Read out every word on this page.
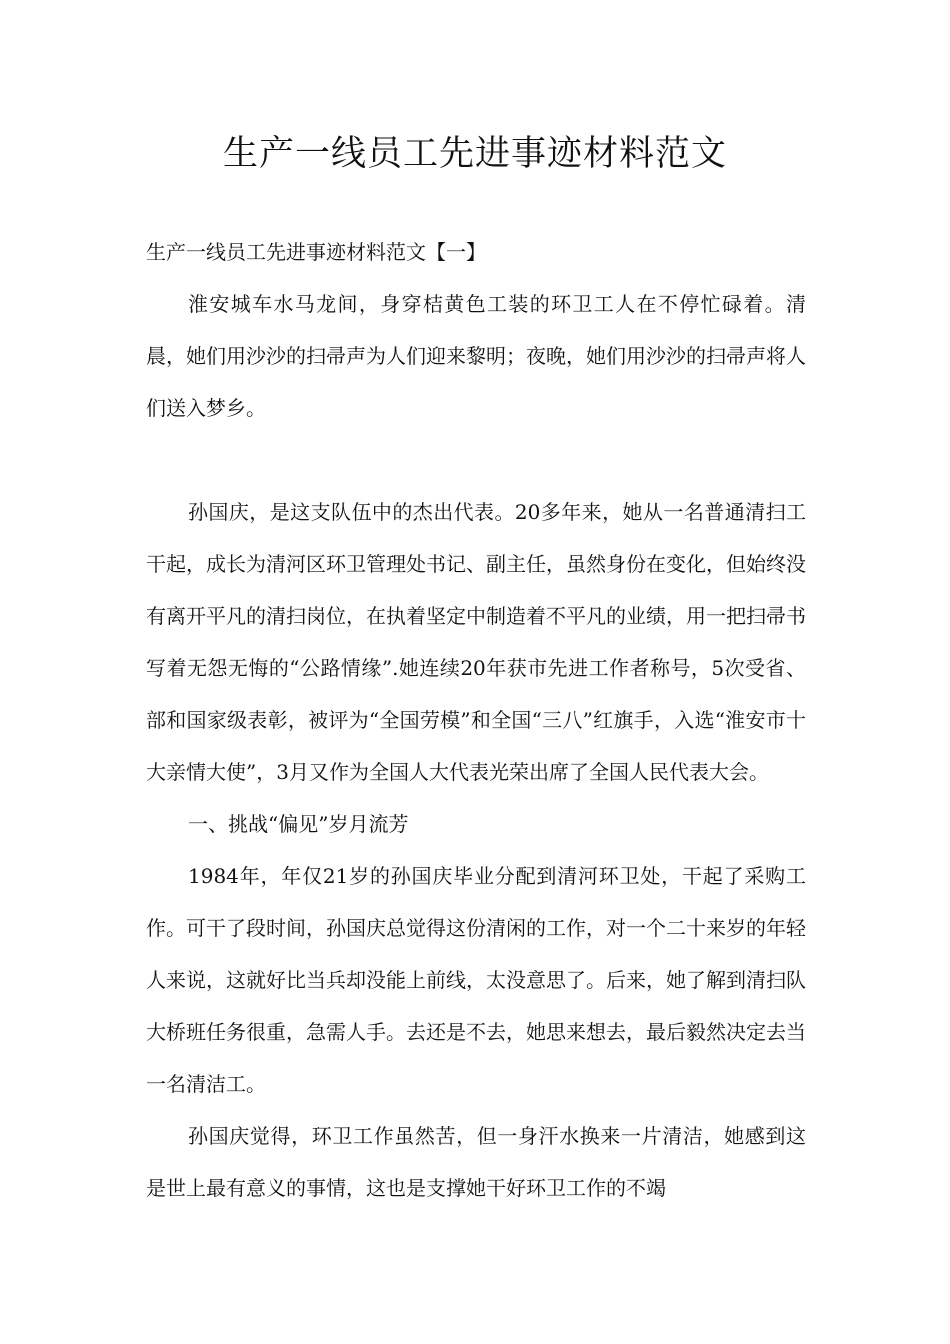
生产一线员工先进事迹材料范文

生产一线员工先进事迹材料范文【一】

淮安城车水马龙间，身穿桔黄色工装的环卫工人在不停忙碌着。清晨，她们用沙沙的扫帚声为人们迎来黎明；夜晚，她们用沙沙的扫帚声将人们送入梦乡。

孙国庆，是这支队伍中的杰出代表。20多年来，她从一名普通清扫工干起，成长为清河区环卫管理处书记、副主任，虽然身份在变化，但始终没有离开平凡的清扫岗位，在执着坚定中制造着不平凡的业绩，用一把扫帚书写着无怨无悔的“公路情缘”.她连续20年获市先进工作者称号，5次受省、部和国家级表彰，被评为“全国劳模”和全国“三八”红旗手，入选“淮安市十大亲情大使”，3月又作为全国人大代表光荣出席了全国人民代表大会。

一、挑战“偏见”岁月流芳

1984年，年仅21岁的孙国庆毕业分配到清河环卫处，干起了采购工作。可干了段时间，孙国庆总觉得这份清闲的工作，对一个二十来岁的年轻人来说，这就好比当兵却没能上前线，太没意思了。后来，她了解到清扫队大桥班任务很重，急需人手。去还是不去，她思来想去，最后毅然决定去当一名清洁工。

孙国庆觉得，环卫工作虽然苦，但一身汗水换来一片清洁，她感到这是世上最有意义的事情，这也是支撑她干好环卫工作的不竭
